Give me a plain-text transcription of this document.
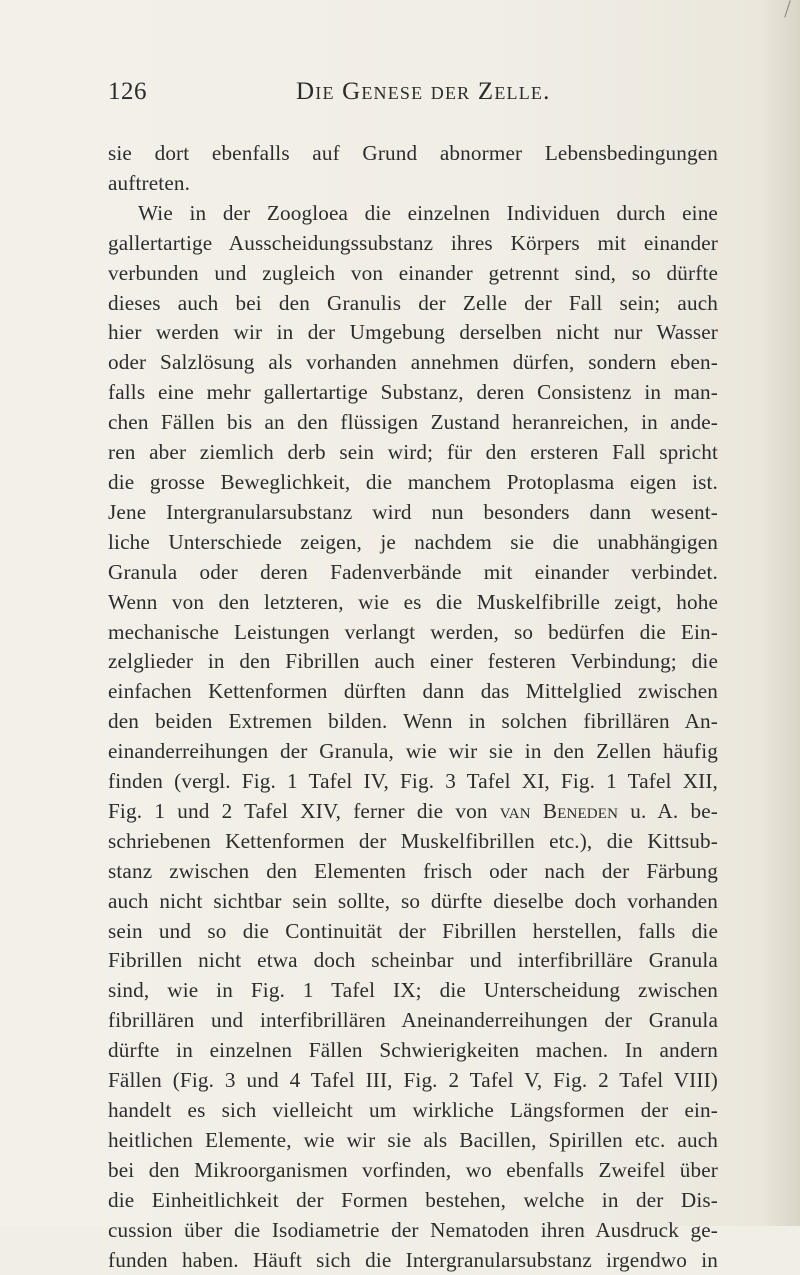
126	Die Genese der Zelle.
sie dort ebenfalls auf Grund abnormer Lebensbedingungen
auftreten.
Wie in der Zoogloea die einzelnen Individuen durch eine
gallertartige Ausscheidungssubstanz ihres Körpers mit einander
verbunden und zugleich von einander getrennt sind, so dürfte
dieses auch bei den Granulis der Zelle der Fall sein; auch
hier werden wir in der Umgebung derselben nicht nur Wasser
oder Salzlösung als vorhanden annehmen dürfen, sondern eben-
falls eine mehr gallertartige Substanz, deren Consistenz in man-
chen Fällen bis an den flüssigen Zustand heranreichen, in ande-
ren aber ziemlich derb sein wird; für den ersteren Fall spricht
die grosse Beweglichkeit, die manchem Protoplasma eigen ist.
Jene Intergranularsubstanz wird nun besonders dann wesent-
liche Unterschiede zeigen, je nachdem sie die unabhängigen
Granula oder deren Fadenverbände mit einander verbindet.
Wenn von den letzteren, wie es die Muskelfibrille zeigt, hohe
mechanische Leistungen verlangt werden, so bedürfen die Ein-
zelglieder in den Fibrillen auch einer festeren Verbindung; die
einfachen Kettenformen dürften dann das Mittelglied zwischen
den beiden Extremen bilden. Wenn in solchen fibrillären An-
einanderreihungen der Granula, wie wir sie in den Zellen häufig
finden (vergl. Fig. 1 Tafel IV, Fig. 3 Tafel XI, Fig. 1 Tafel XII,
Fig. 1 und 2 Tafel XIV, ferner die von van Beneden u. A. be-
schriebenen Kettenformen der Muskelfibrillen etc.), die Kittsub-
stanz zwischen den Elementen frisch oder nach der Färbung
auch nicht sichtbar sein sollte, so dürfte dieselbe doch vorhanden
sein und so die Continuität der Fibrillen herstellen, falls die
Fibrillen nicht etwa doch scheinbar und interfibrilläre Granula
sind, wie in Fig. 1 Tafel IX; die Unterscheidung zwischen
fibrillären und interfibrillären Aneinanderreihungen der Granula
dürfte in einzelnen Fällen Schwierigkeiten machen. In andern
Fällen (Fig. 3 und 4 Tafel III, Fig. 2 Tafel V, Fig. 2 Tafel VIII)
handelt es sich vielleicht um wirkliche Längsformen der ein-
heitlichen Elemente, wie wir sie als Bacillen, Spirillen etc. auch
bei den Mikroorganismen vorfinden, wo ebenfalls Zweifel über
die Einheitlichkeit der Formen bestehen, welche in der Dis-
cussion über die Isodiametrie der Nematoden ihren Ausdruck ge-
funden haben. Häuft sich die Intergranularsubstanz irgendwo in
